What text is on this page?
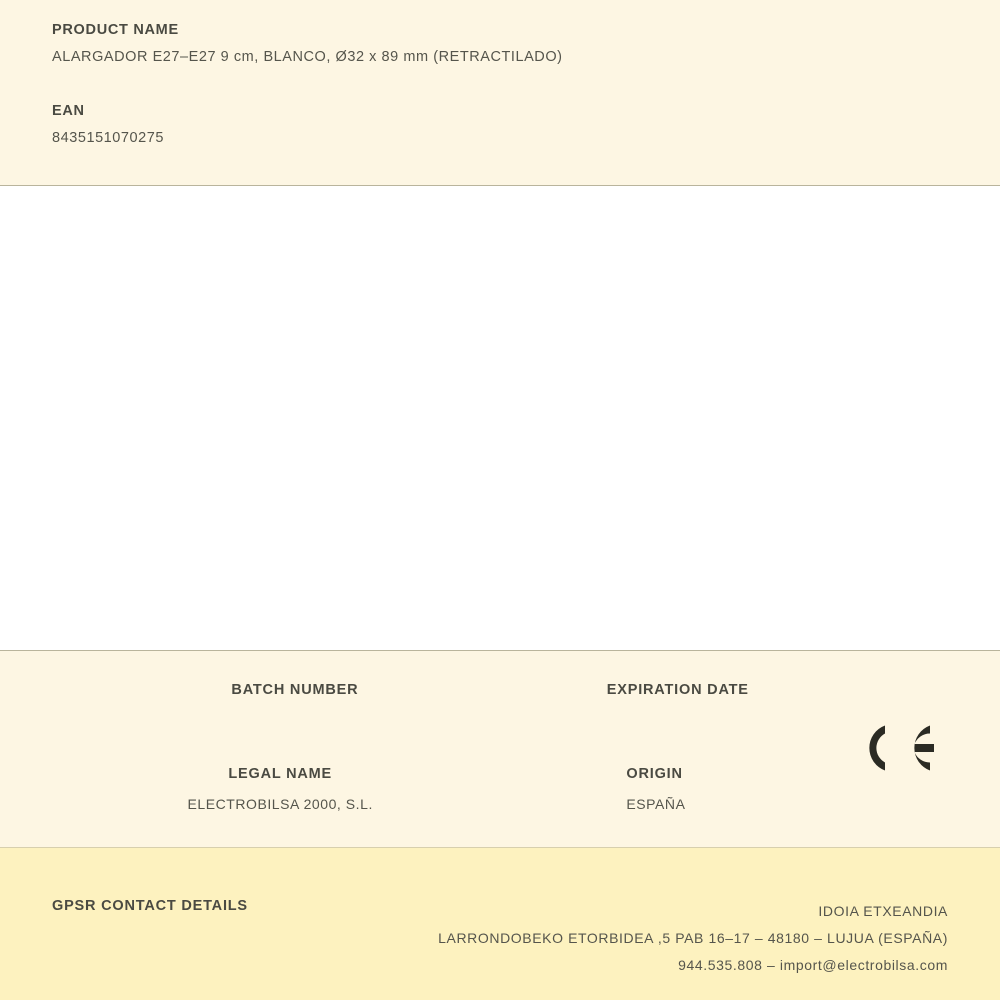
PRODUCT NAME
ALARGADOR E27–E27 9 cm, BLANCO, Ø32 x 89 mm (RETRACTILADO)
EAN
8435151070275
BATCH NUMBER	EXPIRATION DATE
LEGAL NAME	ORIGIN
ELECTROBILSA 2000, S.L.	ESPAÑA
GPSR CONTACT DETAILS	IDOIA ETXEANDIA
LARRONDOBEKO ETORBIDEA ,5 PAB 16–17 – 48180 – LUJUA (ESPAÑA)
944.535.808 – import@electrobilsa.com
